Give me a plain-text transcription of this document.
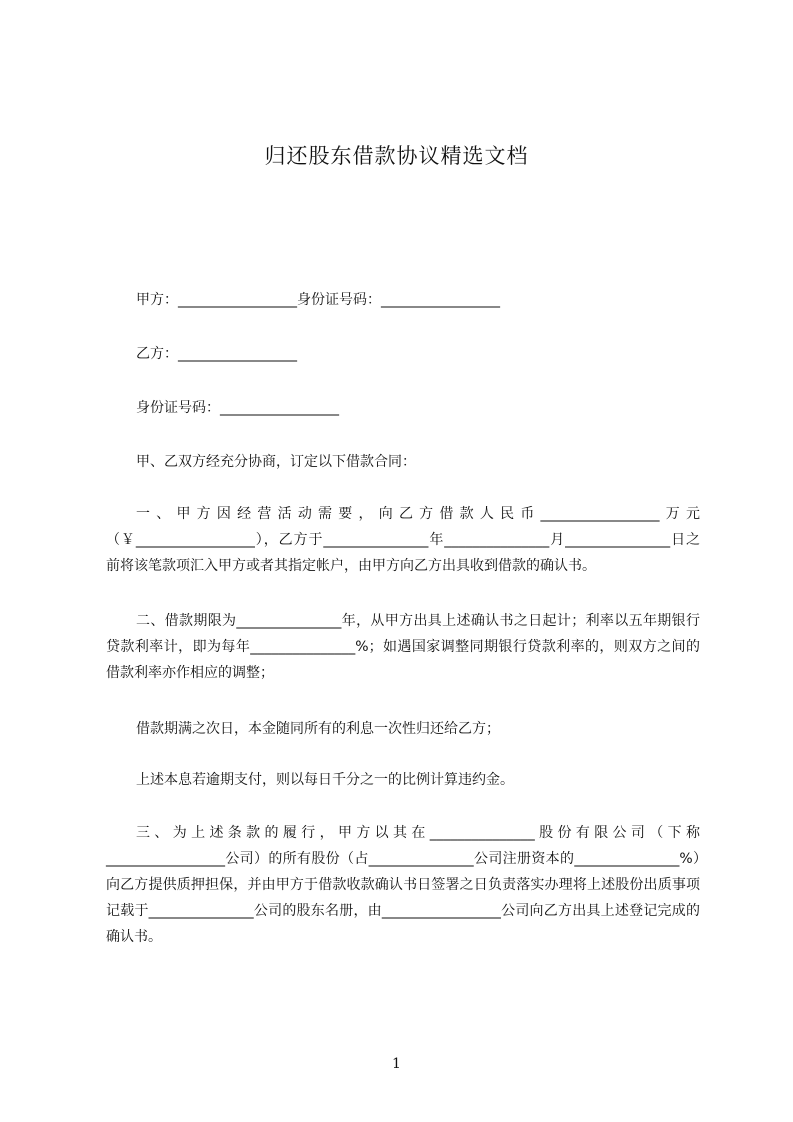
归还股东借款协议精选文档
甲方：_________________身份证号码：_________________
乙方：_________________
身份证号码：_________________
甲、乙双方经充分协商，订定以下借款合同：
一、甲方因经营活动需要，向乙方借款人民币_________________万元（￥_________________），乙方于_______________年_______________月_______________日之前将该笔款项汇入甲方或者其指定帐户，由甲方向乙方出具收到借款的确认书。
二、借款期限为_______________年，从甲方出具上述确认书之日起计；利率以五年期银行贷款利率计，即为每年_______________%；如遇国家调整同期银行贷款利率的，则双方之间的借款利率亦作相应的调整；
借款期满之次日，本金随同所有的利息一次性归还给乙方；
上述本息若逾期支付，则以每日千分之一的比例计算违约金。
三、为上述条款的履行，甲方以其在_______________股份有限公司（下称_________________公司）的所有股份（占_______________公司注册资本的_______________%）向乙方提供质押担保，并由甲方于借款收款确认书日签署之日负责落实办理将上述股份出质事项记载于_______________公司的股东名册，由_________________公司向乙方出具上述登记完成的确认书。
1
